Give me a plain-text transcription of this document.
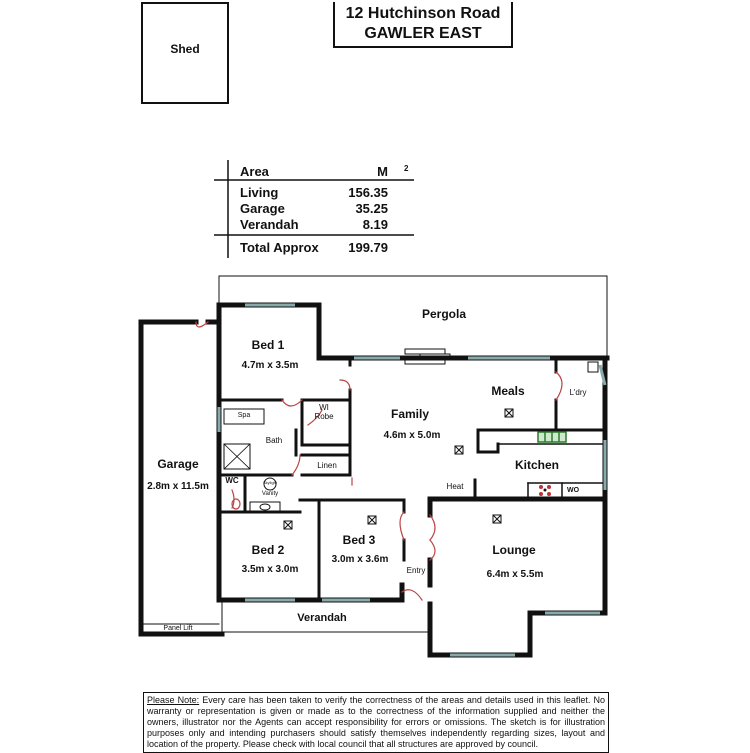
Shed
12 Hutchinson Road
GAWLER EAST
Area	M 2
Living	156.35
Garage	35.25
Verandah	8.19
Total Approx 199.79
Pergola
Bed 1
4.7m x 3.5m
Family
4.6m x 5.0m
Meals	L'dry
Spa
Bath
WI
Robe
Linen	Kitchen
WO
Heat
Garage
2.8m x 11.5m
WC	Skylight
Vanity
Bed 2
3.5m x 3.0m
Bed 3
3.0m x 3.6m
Entry
Lounge
6.4m x 5.5m
Panel Lift
Verandah
Please Note: Every care has been taken to verify the correctness of the areas and details used in this leaflet. No warranty or representation is given or made as to the correctness of the information supplied and neither the owners, illustrator nor the Agents can accept responsibility for errors or omissions. The sketch is for illustration purposes only and intending purchasers should satisfy themselves independently regarding sizes, layout and location of the property. Please check with local council that all structures are approved by council.
